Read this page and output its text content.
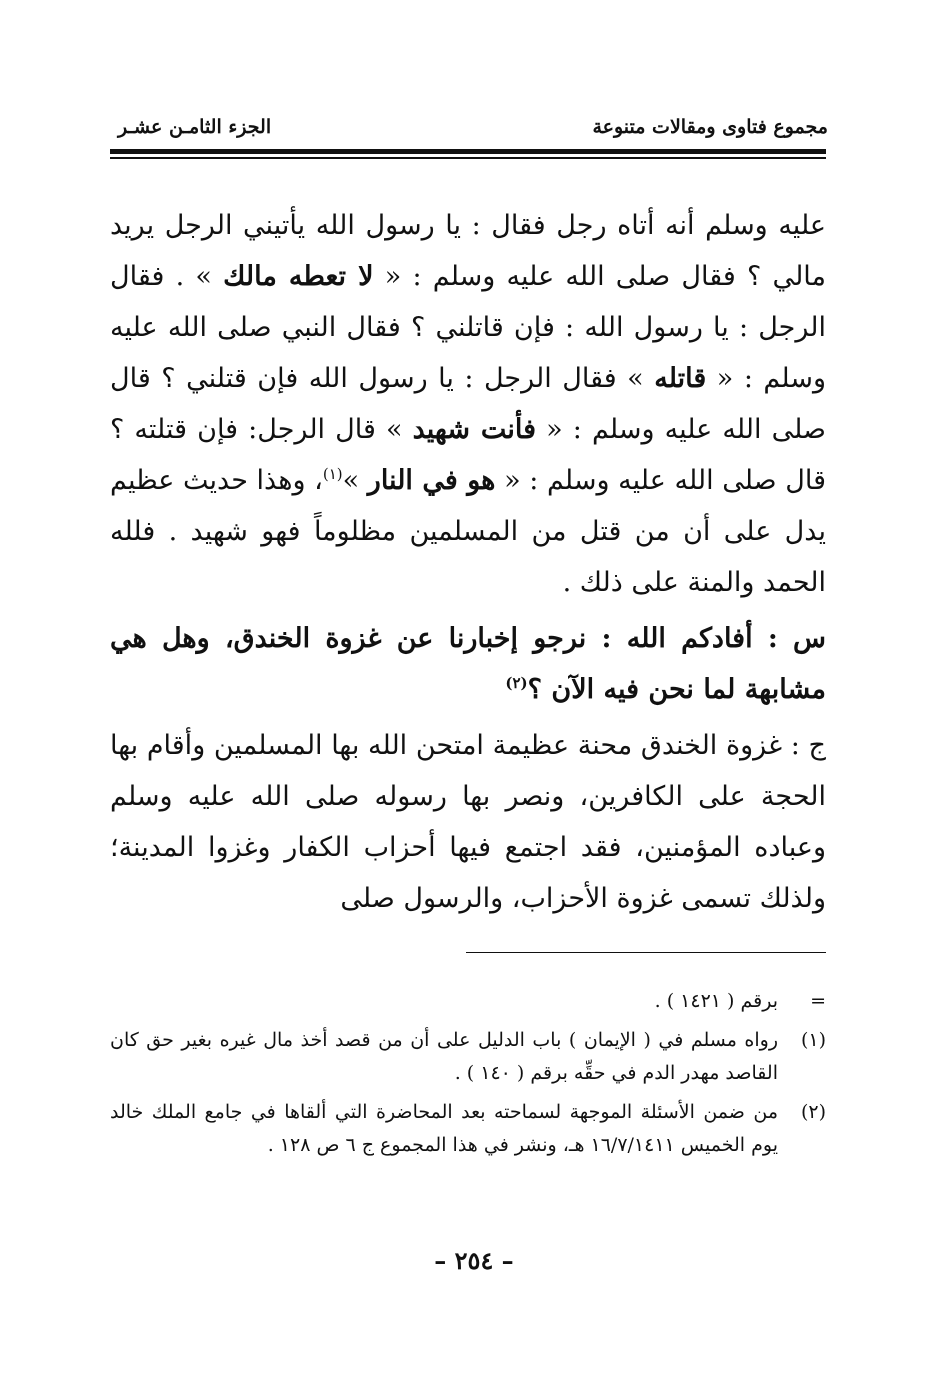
مجموع فتاوى ومقالات متنوعة
الجزء الثامـن عشـر

عليه وسلم أنه أتاه رجل فقال : يا رسول الله يأتيني الرجل يريد مالي ؟ فقال صلى الله عليه وسلم : « لا تعطه مالك » . فقال الرجل : يا رسول الله : فإن قاتلني ؟ فقال النبي صلى الله عليه وسلم : « قاتله » فقال الرجل : يا رسول الله فإن قتلني ؟ قال صلى الله عليه وسلم : « فأنت شهيد » قال الرجل: فإن قتلته ؟ قال صلى الله عليه وسلم : « هو في النار »$^{(١)}$، وهذا حديث عظيم يدل على أن من قتل من المسلمين مظلوماً فهو شهيد . فلله الحمد والمنة على ذلك .

س : أفادكم الله : نرجو إخبارنا عن غزوة الخندق، وهل هي مشابهة لما نحن فيه الآن ؟$^{(٢)}$

ج : غزوة الخندق محنة عظيمة امتحن الله بها المسلمين وأقام بها الحجة على الكافرين، ونصر بها رسوله صلى الله عليه وسلم وعباده المؤمنين، فقد اجتمع فيها أحزاب الكفار وغزوا المدينة؛ ولذلك تسمى غزوة الأحزاب، والرسول صلى

=
برقم ( ١٤٢١ ) .
(١)
رواه مسلم في ( الإيمان ) باب الدليل على أن من قصد أخذ مال غيره بغير حق كان القاصد مهدر الدم في حقِّه برقم ( ١٤٠ ) .
(٢)
من ضمن الأسئلة الموجهة لسماحته بعد المحاضرة التي ألقاها في جامع الملك خالد يوم الخميس ١٦/٧/١٤١١ هـ، ونشر في هذا المجموع ج ٦ ص ١٢٨ .
– ٢٥٤ –
